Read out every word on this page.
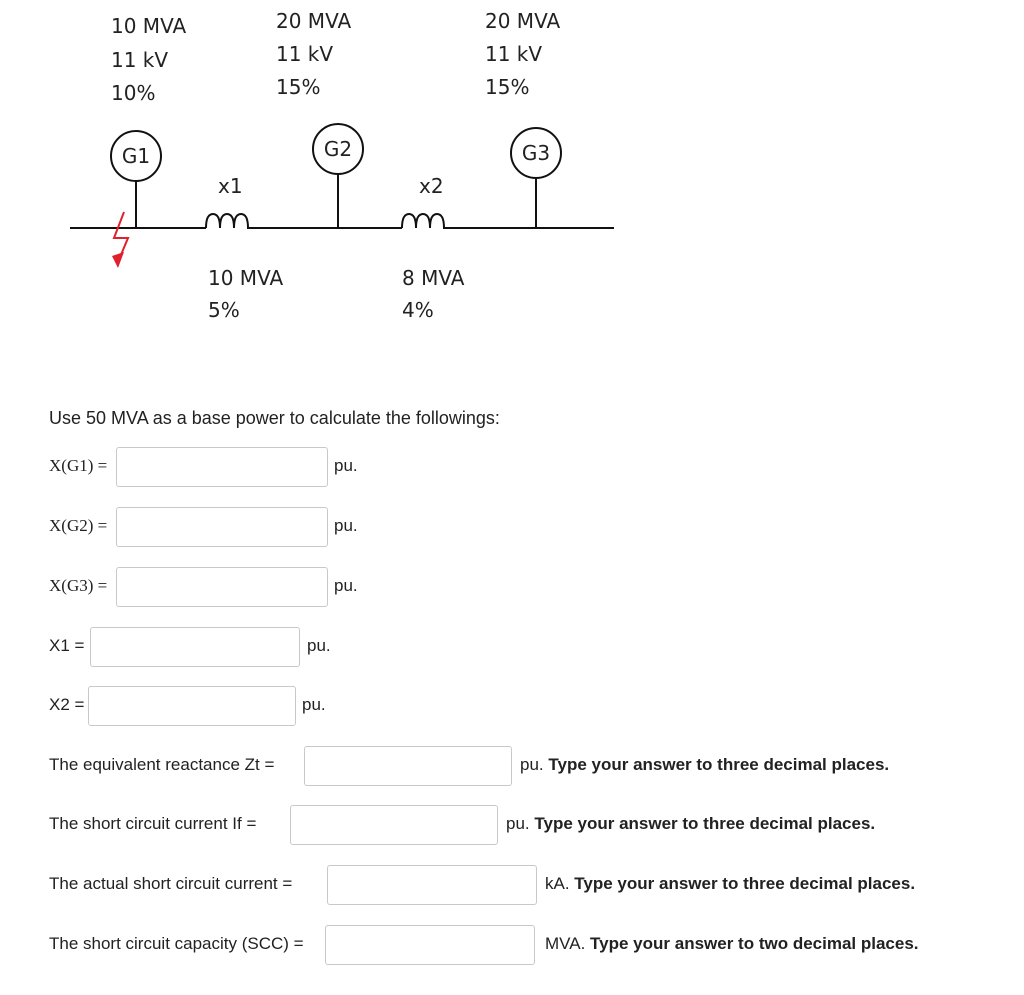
10 MVA
11 kV
10%
20 MVA
11 kV
15%
20 MVA
11 kV
15%
G1	G2	G3
x1	x2
10 MVA
5%
8 MVA
4%
Use 50 MVA as a base power to calculate the followings:
X(G1) =	pu.
X(G2) =	pu.
X(G3) =	pu.
X1 =	pu.
X2 =	pu.
The equivalent reactance Zt =	pu. Type your answer to three decimal places.
The short circuit current If =	pu. Type your answer to three decimal places.
The actual short circuit current =	kA. Type your answer to three decimal places.
The short circuit capacity (SCC) =	MVA. Type your answer to two decimal places.
